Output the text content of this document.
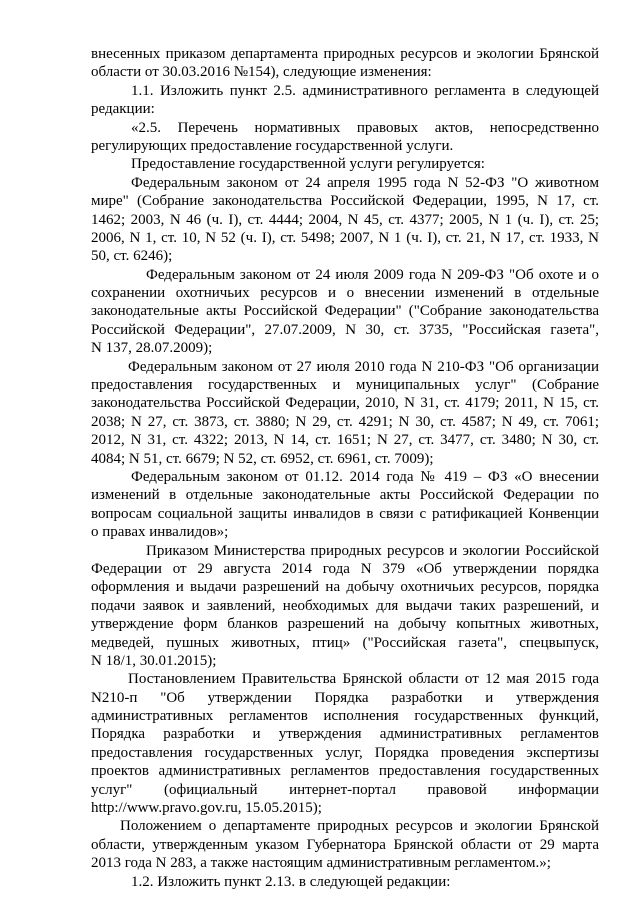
внесенных приказом департамента природных ресурсов и экологии Брянской
области от 30.03.2016 №154), следующие изменения:
1.1. Изложить пункт 2.5. административного регламента в следующей
редакции:
«2.5. Перечень нормативных правовых актов, непосредственно
регулирующих предоставление государственной услуги.
Предоставление государственной услуги регулируется:
Федеральным законом от 24 апреля 1995 года N 52-ФЗ "О животном
мире" (Собрание законодательства Российской Федерации, 1995, N 17, ст.
1462; 2003, N 46 (ч. I), ст. 4444; 2004, N 45, ст. 4377; 2005, N 1 (ч. I), ст. 25;
2006, N 1, ст. 10, N 52 (ч. I), ст. 5498; 2007, N 1 (ч. I), ст. 21, N 17, ст. 1933, N
50, ст. 6246);
Федеральным законом от 24 июля 2009 года N 209-ФЗ "Об охоте и о
сохранении охотничьих ресурсов и о внесении изменений в отдельные
законодательные акты Российской Федерации" ("Собрание законодательства
Российской Федерации", 27.07.2009, N 30, ст. 3735, "Российская газета",
N 137, 28.07.2009);
Федеральным законом от 27 июля 2010 года N 210-ФЗ "Об организации
предоставления государственных и муниципальных услуг" (Собрание
законодательства Российской Федерации, 2010, N 31, ст. 4179; 2011, N 15, ст.
2038; N 27, ст. 3873, ст. 3880; N 29, ст. 4291; N 30, ст. 4587; N 49, ст. 7061;
2012, N 31, ст. 4322; 2013, N 14, ст. 1651; N 27, ст. 3477, ст. 3480; N 30, ст.
4084; N 51, ст. 6679; N 52, ст. 6952, ст. 6961, ст. 7009);
Федеральным законом от 01.12. 2014 года № 419 – ФЗ «О внесении
изменений в отдельные законодательные акты Российской Федерации по
вопросам социальной защиты инвалидов в связи с ратификацией Конвенции
о правах инвалидов»;
Приказом Министерства природных ресурсов и экологии Российской
Федерации от 29 августа 2014 года N 379 «Об утверждении порядка
оформления и выдачи разрешений на добычу охотничьих ресурсов, порядка
подачи заявок и заявлений, необходимых для выдачи таких разрешений, и
утверждение форм бланков разрешений на добычу копытных животных,
медведей, пушных животных, птиц» ("Российская газета", спецвыпуск,
N 18/1, 30.01.2015);
Постановлением Правительства Брянской области от 12 мая 2015 года
N210-п "Об утверждении Порядка разработки и утверждения
административных регламентов исполнения государственных функций,
Порядка разработки и утверждения административных регламентов
предоставления государственных услуг, Порядка проведения экспертизы
проектов административных регламентов предоставления государственных
услуг" (официальный интернет-портал правовой информации
http://www.pravo.gov.ru, 15.05.2015);
Положением о департаменте природных ресурсов и экологии Брянской
области, утвержденным указом Губернатора Брянской области от 29 марта
2013 года N 283, а также настоящим административным регламентом.»;
1.2. Изложить пункт 2.13. в следующей редакции:
